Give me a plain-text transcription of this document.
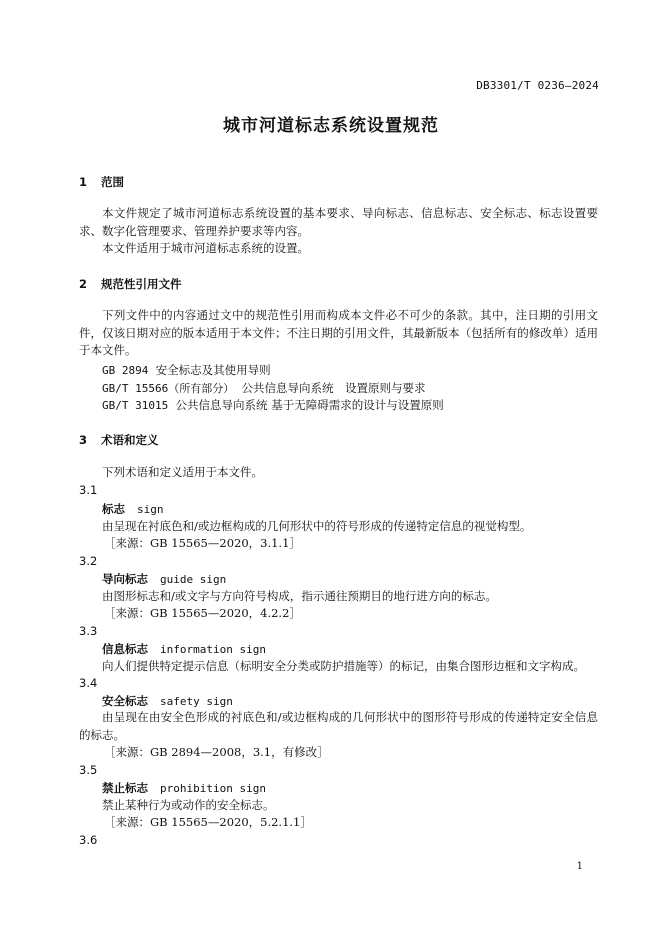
DB3301/T 0236—2024
城市河道标志系统设置规范
1 范围
本文件规定了城市河道标志系统设置的基本要求、导向标志、信息标志、安全标志、标志设置要求、数字化管理要求、管理养护要求等内容。
本文件适用于城市河道标志系统的设置。
2 规范性引用文件
下列文件中的内容通过文中的规范性引用而构成本文件必不可少的条款。其中，注日期的引用文件，仅该日期对应的版本适用于本文件；不注日期的引用文件，其最新版本（包括所有的修改单）适用于本文件。
GB 2894 安全标志及其使用导则
GB/T 15566（所有部分） 公共信息导向系统　设置原则与要求
GB/T 31015 公共信息导向系统 基于无障碍需求的设计与设置原则
3 术语和定义
下列术语和定义适用于本文件。
3.1
标志 sign
由呈现在衬底色和/或边框构成的几何形状中的符号形成的传递特定信息的视觉构型。
［来源：GB 15565—2020，3.1.1］
3.2
导向标志 guide sign
由图形标志和/或文字与方向符号构成，指示通往预期目的地行进方向的标志。
［来源：GB 15565—2020，4.2.2］
3.3
信息标志 information sign
向人们提供特定提示信息（标明安全分类或防护措施等）的标记，由集合图形边框和文字构成。
3.4
安全标志 safety sign
由呈现在由安全色形成的衬底色和/或边框构成的几何形状中的图形符号形成的传递特定安全信息的标志。
［来源：GB 2894—2008，3.1，有修改］
3.5
禁止标志 prohibition sign
禁止某种行为或动作的安全标志。
［来源：GB 15565—2020，5.2.1.1］
3.6
1
